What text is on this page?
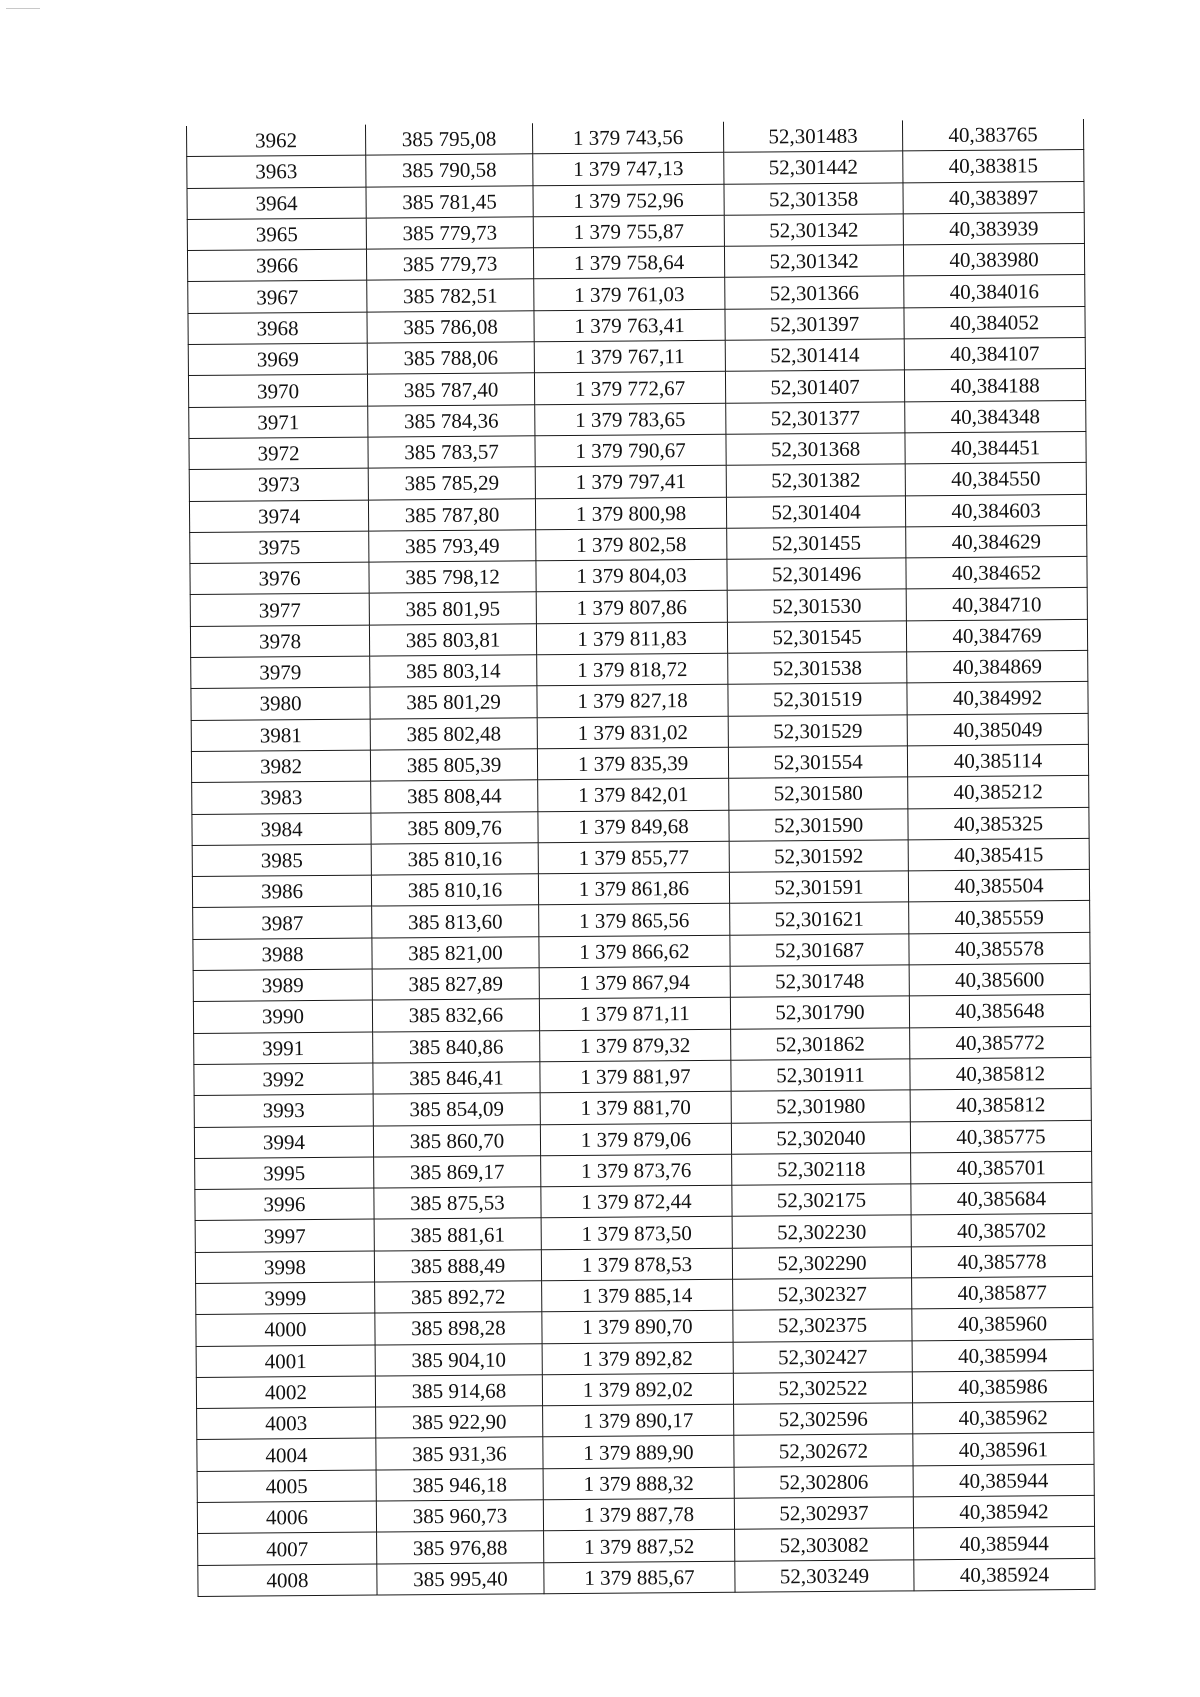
3962	385 795,08	1 379 743,56	52,301483	40,383765
3963	385 790,58	1 379 747,13	52,301442	40,383815
3964	385 781,45	1 379 752,96	52,301358	40,383897
3965	385 779,73	1 379 755,87	52,301342	40,383939
3966	385 779,73	1 379 758,64	52,301342	40,383980
3967	385 782,51	1 379 761,03	52,301366	40,384016
3968	385 786,08	1 379 763,41	52,301397	40,384052
3969	385 788,06	1 379 767,11	52,301414	40,384107
3970	385 787,40	1 379 772,67	52,301407	40,384188
3971	385 784,36	1 379 783,65	52,301377	40,384348
3972	385 783,57	1 379 790,67	52,301368	40,384451
3973	385 785,29	1 379 797,41	52,301382	40,384550
3974	385 787,80	1 379 800,98	52,301404	40,384603
3975	385 793,49	1 379 802,58	52,301455	40,384629
3976	385 798,12	1 379 804,03	52,301496	40,384652
3977	385 801,95	1 379 807,86	52,301530	40,384710
3978	385 803,81	1 379 811,83	52,301545	40,384769
3979	385 803,14	1 379 818,72	52,301538	40,384869
3980	385 801,29	1 379 827,18	52,301519	40,384992
3981	385 802,48	1 379 831,02	52,301529	40,385049
3982	385 805,39	1 379 835,39	52,301554	40,385114
3983	385 808,44	1 379 842,01	52,301580	40,385212
3984	385 809,76	1 379 849,68	52,301590	40,385325
3985	385 810,16	1 379 855,77	52,301592	40,385415
3986	385 810,16	1 379 861,86	52,301591	40,385504
3987	385 813,60	1 379 865,56	52,301621	40,385559
3988	385 821,00	1 379 866,62	52,301687	40,385578
3989	385 827,89	1 379 867,94	52,301748	40,385600
3990	385 832,66	1 379 871,11	52,301790	40,385648
3991	385 840,86	1 379 879,32	52,301862	40,385772
3992	385 846,41	1 379 881,97	52,301911	40,385812
3993	385 854,09	1 379 881,70	52,301980	40,385812
3994	385 860,70	1 379 879,06	52,302040	40,385775
3995	385 869,17	1 379 873,76	52,302118	40,385701
3996	385 875,53	1 379 872,44	52,302175	40,385684
3997	385 881,61	1 379 873,50	52,302230	40,385702
3998	385 888,49	1 379 878,53	52,302290	40,385778
3999	385 892,72	1 379 885,14	52,302327	40,385877
4000	385 898,28	1 379 890,70	52,302375	40,385960
4001	385 904,10	1 379 892,82	52,302427	40,385994
4002	385 914,68	1 379 892,02	52,302522	40,385986
4003	385 922,90	1 379 890,17	52,302596	40,385962
4004	385 931,36	1 379 889,90	52,302672	40,385961
4005	385 946,18	1 379 888,32	52,302806	40,385944
4006	385 960,73	1 379 887,78	52,302937	40,385942
4007	385 976,88	1 379 887,52	52,303082	40,385944
4008	385 995,40	1 379 885,67	52,303249	40,385924
